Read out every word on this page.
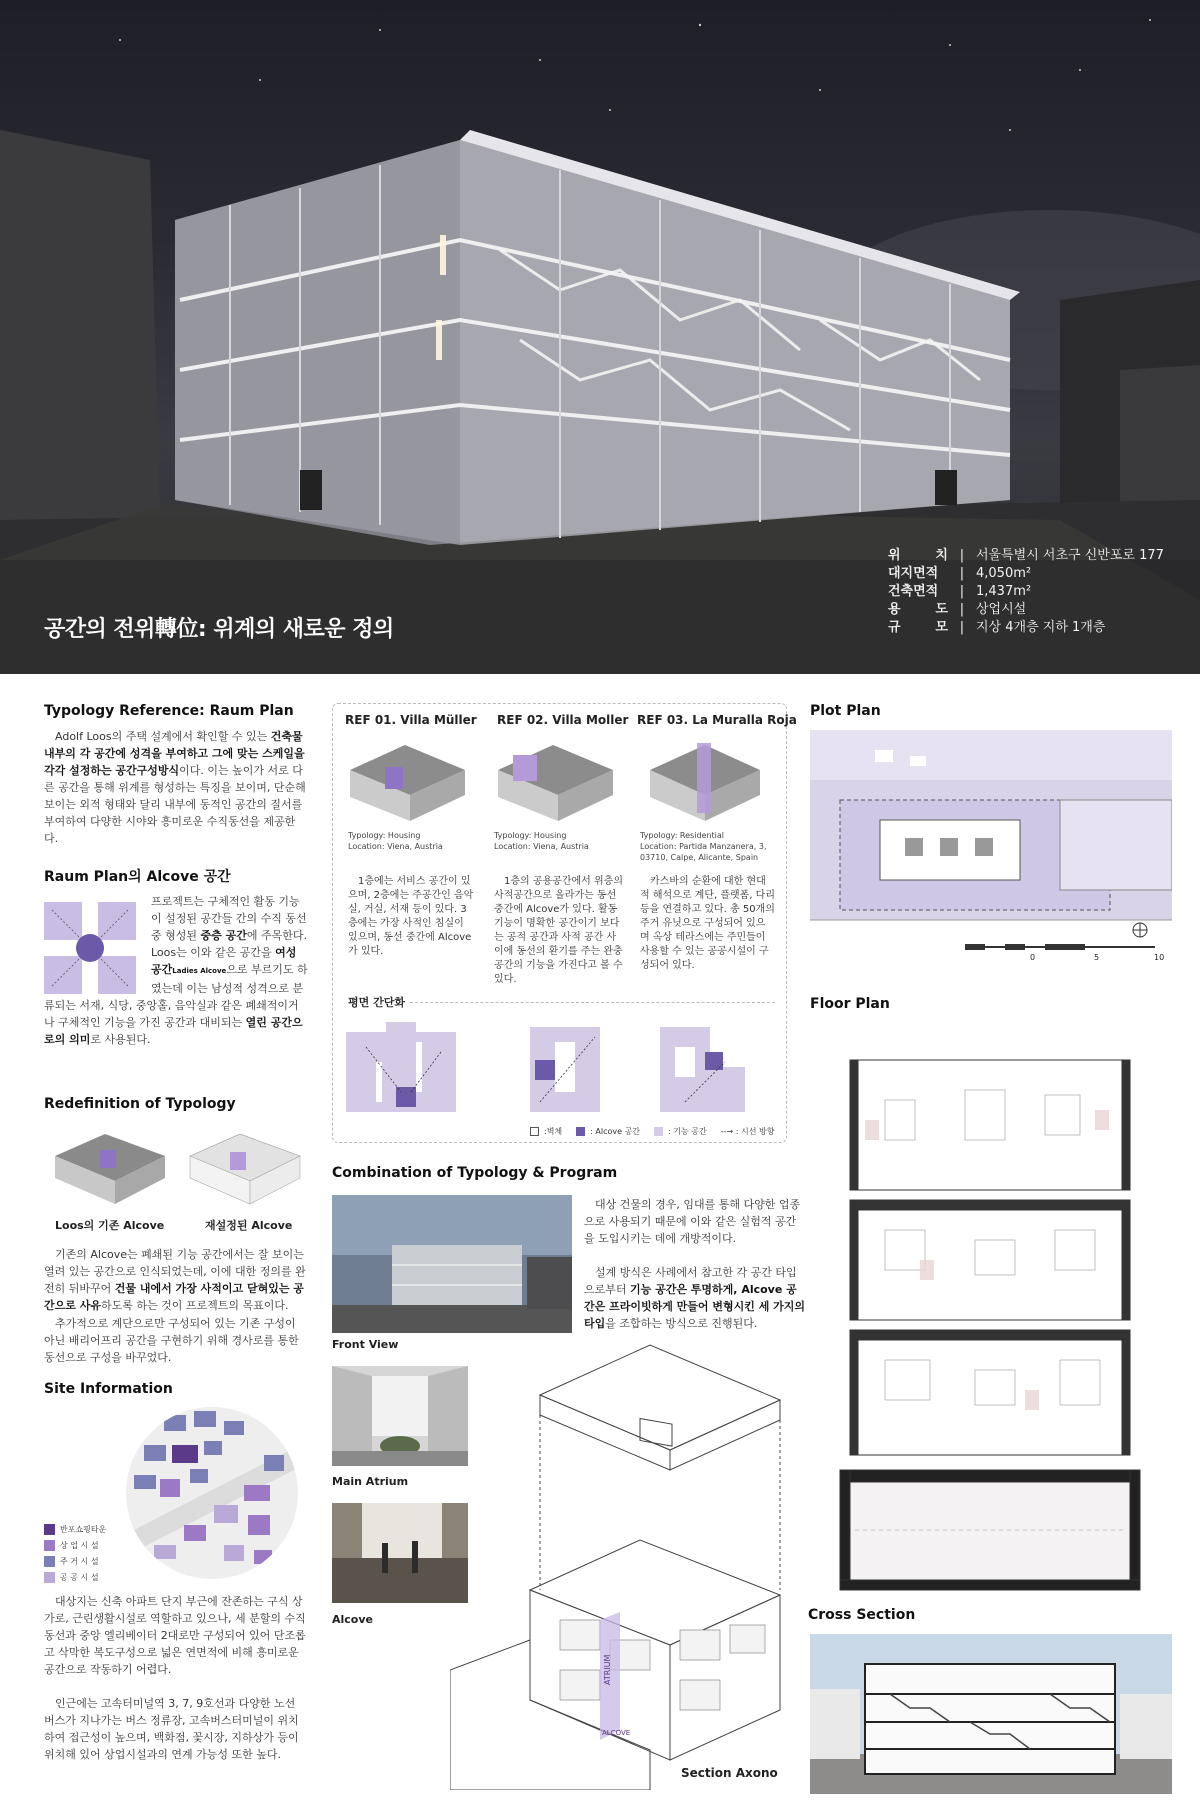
공간의 전위轉位: 위계의 새로운 정의
위 치 | 서울특별시 서초구 신반포로 177
대지면적	| 4,050m²
건축면적	| 1,437m²
용 도 | 상업시설
규 모 | 지상 4개층 지하 1개층
Typology Reference: Raum Plan
Adolf Loos의 주택 설계에서 확인할 수 있는 건축물 내부의 각 공간에 성격을 부여하고 그에 맞는 스케일을 각각 설정하는 공간구성방식이다. 이는 높이가 서로 다른 공간을 통해 위계를 형성하는 특징을 보이며, 단순해보이는 외적 형태와 달리 내부에 동적인 공간의 질서를 부여하여 다양한 시야와 흥미로운 수직동선을 제공한다.
Raum Plan의 Alcove 공간
프로젝트는 구체적인 활동 기능이 설정된 공간들 간의 수직 동선 중 형성된 중층 공간에 주목한다. Loos는 이와 같은 공간을 여성 공간Ladies Alcove으로 부르기도 하였는데 이는 남성적 성격으로 분류되는 서재, 식당, 중앙홀, 음악실과 같은 폐쇄적이거나 구체적인 기능을 가진 공간과 대비되는 열린 공간으로의 의미로 사용된다.
Redefinition of Typology
Loos의 기존 Alcove	재설정된 Alcove
기존의 Alcove는 폐쇄된 기능 공간에서는 잘 보이는 열려 있는 공간으로 인식되었는데, 이에 대한 정의를 완전히 뒤바꾸어 건물 내에서 가장 사적이고 닫혀있는 공간으로 사유하도록 하는 것이 프로젝트의 목표이다.
추가적으로 계단으로만 구성되어 있는 기존 구성이 아닌 배리어프리 공간을 구현하기 위해 경사로를 통한 동선으로 구성을 바꾸었다.
Site Information
반포쇼핑타운
상 업 시 설
주 거 시 설
공 공 시 설
대상지는 신축 아파트 단지 부근에 잔존하는 구식 상가로, 근린생활시설로 역할하고 있으나, 세 분할의 수직동선과 중앙 엘리베이터 2대로만 구성되어 있어 단조롭고 삭막한 복도구성으로 넓은 연면적에 비해 흥미로운 공간으로 작동하기 어렵다.
인근에는 고속터미널역 3, 7, 9호선과 다양한 노선 버스가 지나가는 버스 정류장, 고속버스터미널이 위치하여 접근성이 높으며, 백화점, 꽃시장, 지하상가 등이 위치해 있어 상업시설과의 연계 가능성 또한 높다.
REF 01. Villa Müller
Typology: Housing
Location: Viena, Austria
1층에는 서비스 공간이 있으며, 2층에는 주공간인 음악실, 거실, 서재 등이 있다. 3층에는 가장 사적인 침실이 있으며, 동선 중간에 Alcove가 있다.
REF 02. Villa Moller
Typology: Housing
Location: Viena, Austria
1층의 공용공간에서 위층의 사적공간으로 올라가는 동선 중간에 Alcove가 있다. 활동 기능이 명확한 공간이기 보다는 공적 공간과 사적 공간 사이에 동선의 환기를 주는 완충공간의 기능을 가진다고 볼 수 있다.
REF 03. La Muralla Roja
Typology: Residential
Location: Partida Manzanera, 3,
03710, Calpe, Alicante, Spain
카스바의 순환에 대한 현대적 해석으로 계단, 플랫폼, 다리 등을 연결하고 있다. 총 50개의 주거 유닛으로 구성되어 있으며 옥상 테라스에는 주민들이 사용할 수 있는 공공시설이 구성되어 있다.
평면 간단화
:벽체	: Alcove 공간	: 기능 공간 --→ : 시선 방향
Combination of Typology & Program
Front View
Main Atrium
Alcove
대상 건물의 경우, 임대를 통해 다양한 업종으로 사용되기 때문에 이와 같은 실험적 공간을 도입시키는 데에 개방적이다.
설계 방식은 사례에서 참고한 각 공간 타입으로부터 기능 공간은 투명하게, Alcove 공간은 프라이빗하게 만들어 변형시킨 세 가지의 타입을 조합하는 방식으로 진행된다.
ATRIUM
ALCOVE
Section Axono
Plot Plan
0	5	10
Floor Plan
Cross Section
